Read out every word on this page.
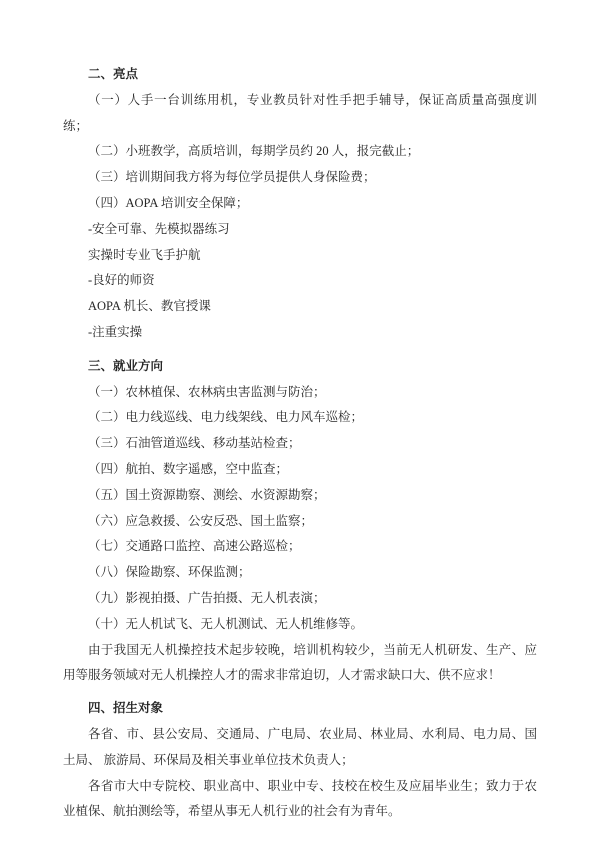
二、亮点

（一）人手一台训练用机，专业教员针对性手把手辅导，保证高质量高强度训练；

（二）小班教学，高质培训，每期学员约 20 人，报完截止；

（三）培训期间我方将为每位学员提供人身保险费；

（四）AOPA 培训安全保障；

-安全可靠、先模拟器练习

实操时专业飞手护航

-良好的师资

AOPA 机长、教官授课

-注重实操

三、就业方向

（一）农林植保、农林病虫害监测与防治；

（二）电力线巡线、电力线架线、电力风车巡检；

（三）石油管道巡线、移动基站检查；

（四）航拍、数字遥感，空中监查；

（五）国土资源勘察、测绘、水资源勘察；

（六）应急救援、公安反恐、国土监察；

（七）交通路口监控、高速公路巡检；

（八）保险勘察、环保监测；

（九）影视拍摄、广告拍摄、无人机表演；

（十）无人机试飞、无人机测试、无人机维修等。

由于我国无人机操控技术起步较晚，培训机构较少，当前无人机研发、生产、应用等服务领域对无人机操控人才的需求非常迫切，人才需求缺口大、供不应求！

四、招生对象

各省、市、县公安局、交通局、广电局、农业局、林业局、水利局、电力局、国土局、 旅游局、环保局及相关事业单位技术负责人；

各省市大中专院校、职业高中、职业中专、技校在校生及应届毕业生；致力于农业植保、航拍测绘等，希望从事无人机行业的社会有为青年。
